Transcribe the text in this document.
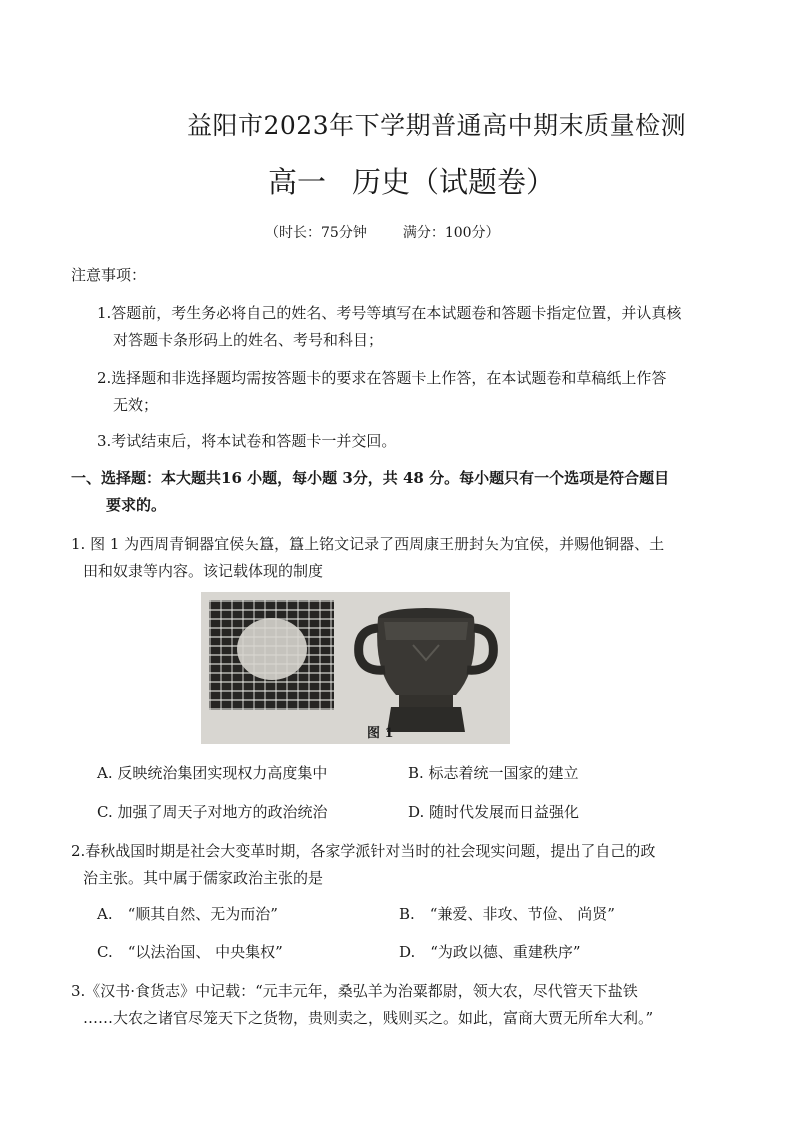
益阳市2023年下学期普通高中期末质量检测
高一 历史（试题卷）
（时长：75分钟	满分：100分）
注意事项：
1.答题前，考生务必将自己的姓名、考号等填写在本试题卷和答题卡指定位置，并认真核
对答题卡条形码上的姓名、考号和科目；
2.选择题和非选择题均需按答题卡的要求在答题卡上作答，在本试题卷和草稿纸上作答
无效；
3.考试结束后，将本试卷和答题卡一并交回。
一、选择题：本大题共16 小题，每小题 3分，共 48 分。每小题只有一个选项是符合题目
要求的。
1. 图 1 为西周青铜器宜侯夨簋，簋上铭文记录了西周康王册封夨为宜侯，并赐他铜器、土
田和奴隶等内容。该记载体现的制度
图 1
A. 反映统治集团实现权力高度集中	B. 标志着统一国家的建立
C. 加强了周天子对地方的政治统治	D. 随时代发展而日益强化
2.春秋战国时期是社会大变革时期，各家学派针对当时的社会现实问题，提出了自己的政
治主张。其中属于儒家政治主张的是
A.　“顺其自然、无为而治”	B.　“兼爱、非攻、节俭、 尚贤”
C.　“以法治国、 中央集权”	D.　“为政以德、重建秩序”
3.《汉书·食货志》中记载：“元丰元年，桑弘羊为治粟都尉，领大农，尽代管天下盐铁
……大农之诸官尽笼天下之货物，贵则卖之，贱则买之。如此，富商大贾无所牟大利。”
